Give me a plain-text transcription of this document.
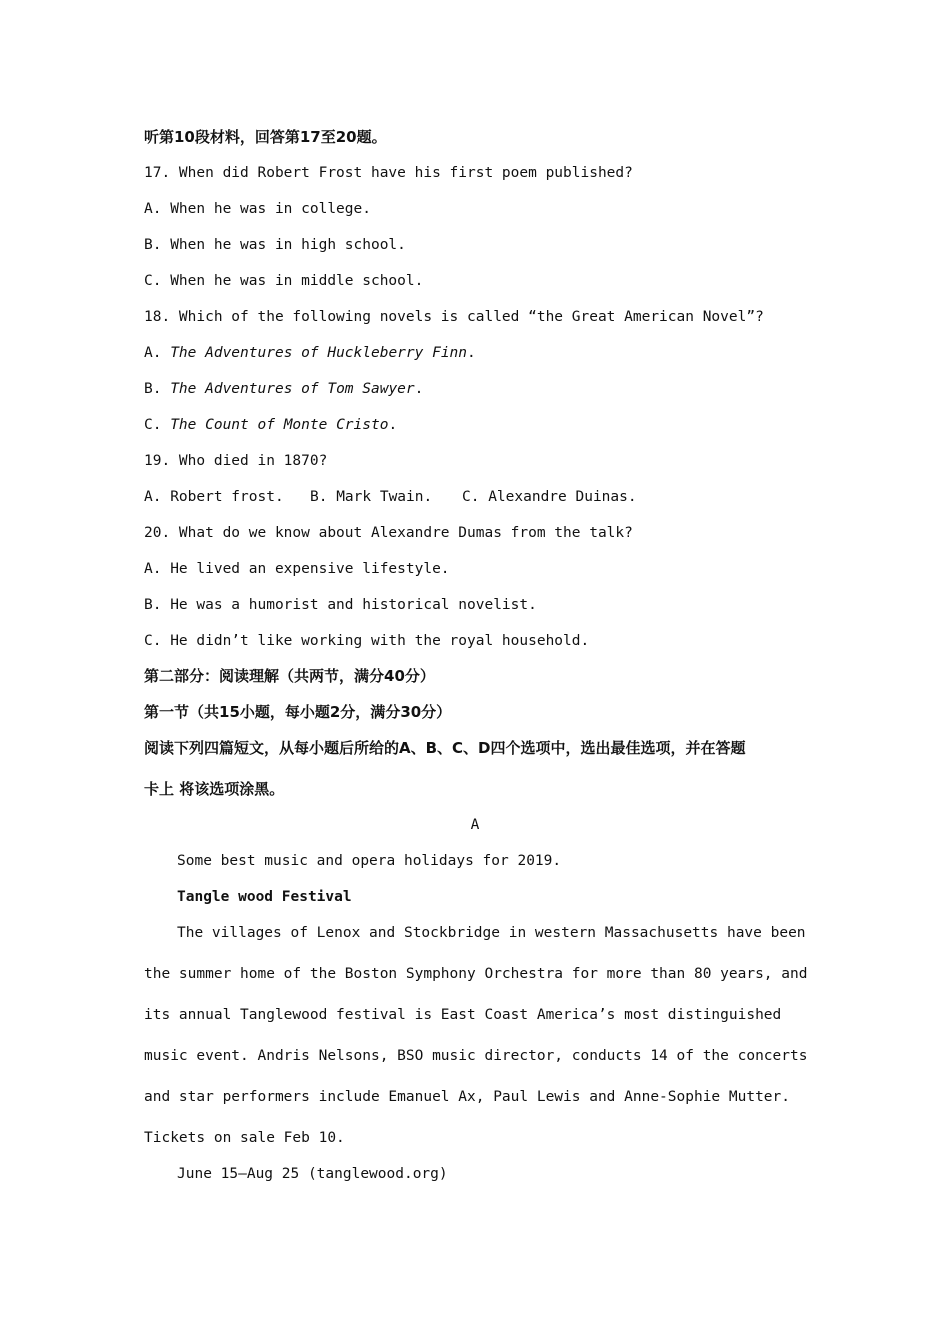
听第10段材料，回答第17至20题。
17. When did Robert Frost have his first poem published?
A. When he was in college.
B. When he was in high school.
C. When he was in middle school.
18. Which of the following novels is called “the Great American Novel”?
A. The Adventures of Huckleberry Finn.
B. The Adventures of Tom Sawyer.
C. The Count of Monte Cristo.
19. Who died in 1870?
A. Robert frost. B. Mark Twain. C. Alexandre Duinas.
20. What do we know about Alexandre Dumas from the talk?
A. He lived an expensive lifestyle.
B. He was a humorist and historical novelist.
C. He didn’t like working with the royal household.
第二部分：阅读理解（共两节，满分40分）
第一节（共15小题，每小题2分，满分30分）
阅读下列四篇短文，从每小题后所给的A、B、C、D四个选项中，选出最佳选项，并在答题
卡上 将该选项涂黑。
A
Some best music and opera holidays for 2019.
Tangle wood Festival
The villages of Lenox and Stockbridge in western Massachusetts have been
the summer home of the Boston Symphony Orchestra for more than 80 years, and
its annual Tanglewood festival is East Coast America’s most distinguished
music event. Andris Nelsons, BSO music director, conducts 14 of the concerts
and star performers include Emanuel Ax, Paul Lewis and Anne-Sophie Mutter.
Tickets on sale Feb 10.
June 15—Aug 25 (tanglewood.org)
